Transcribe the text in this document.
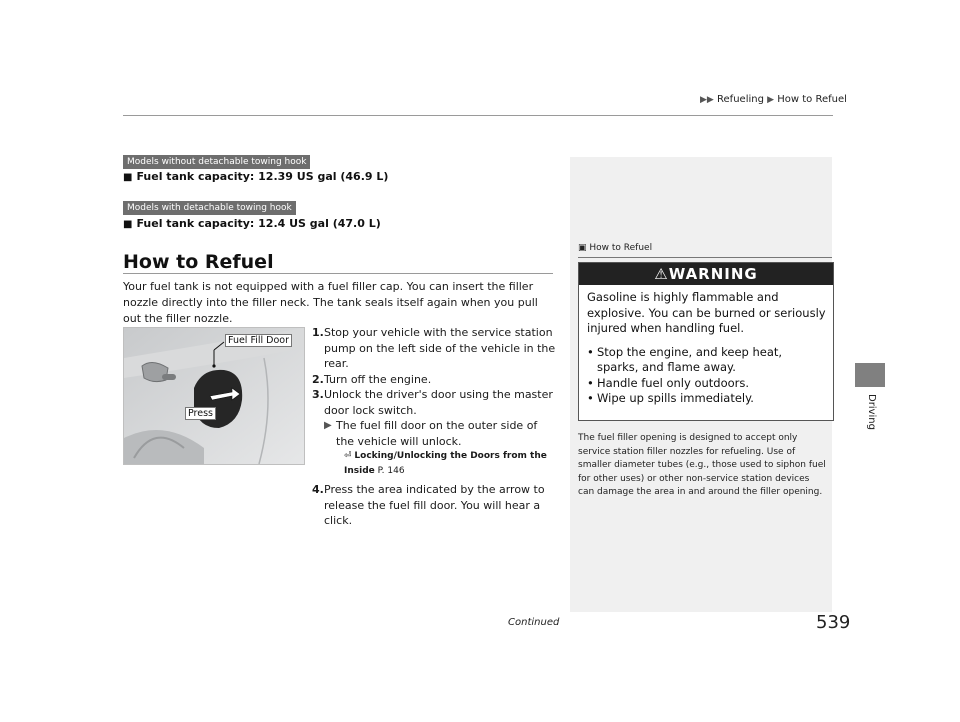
▶▶ Refueling ▶ How to Refuel
Driving
Models without detachable towing hook
■ Fuel tank capacity: 12.39 US gal (46.9 L)
Models with detachable towing hook
■ Fuel tank capacity: 12.4 US gal (47.0 L)
How to Refuel
Your fuel tank is not equipped with a fuel filler cap. You can insert the filler nozzle directly into the filler neck. The tank seals itself again when you pull out the filler nozzle.
Fuel Fill Door
Press
1. Stop your vehicle with the service station pump on the left side of the vehicle in the rear.
2. Turn off the engine.
3. Unlock the driver's door using the master door lock switch.
▶ The fuel fill door on the outer side of the vehicle will unlock.
⏎ Locking/Unlocking the Doors from the Inside P. 146
4. Press the area indicated by the arrow to release the fuel fill door. You will hear a click.
▣ How to Refuel
⚠WARNING
Gasoline is highly flammable and explosive. You can be burned or seriously injured when handling fuel.
• Stop the engine, and keep heat, sparks, and flame away.
• Handle fuel only outdoors.
• Wipe up spills immediately.
The fuel filler opening is designed to accept only service station filler nozzles for refueling. Use of smaller diameter tubes (e.g., those used to siphon fuel for other uses) or other non-service station devices can damage the area in and around the filler opening.
Continued	539
